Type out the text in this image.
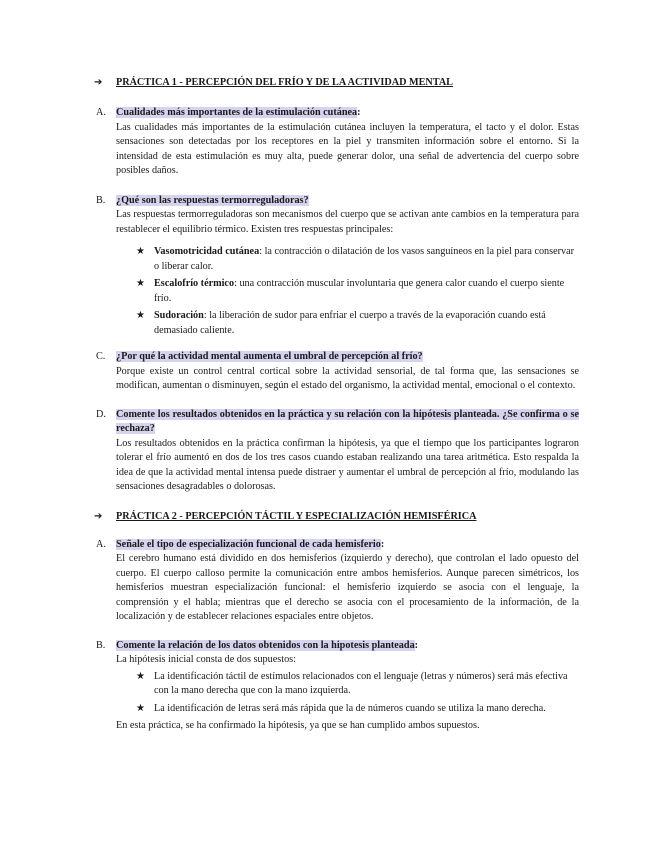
➔ PRÁCTICA 1 - PERCEPCIÓN DEL FRÍO Y DE LA ACTIVIDAD MENTAL
A. Cualidades más importantes de la estimulación cutánea:

Las cualidades más importantes de la estimulación cutánea incluyen la temperatura, el tacto y el dolor. Estas sensaciones son detectadas por los receptores en la piel y transmiten información sobre el entorno. Si la intensidad de esta estimulación es muy alta, puede generar dolor, una señal de advertencia del cuerpo sobre posibles daños.

B. ¿Qué son las respuestas termorreguladoras?

Las respuestas termorreguladoras son mecanismos del cuerpo que se activan ante cambios en la temperatura para restablecer el equilibrio térmico. Existen tres respuestas principales:

★ Vasomotricidad cutánea: la contracción o dilatación de los vasos sanguíneos en la piel para conservar o liberar calor.
★ Escalofrío térmico: una contracción muscular involuntaria que genera calor cuando el cuerpo siente frío.
★ Sudoración: la liberación de sudor para enfriar el cuerpo a través de la evaporación cuando está demasiado caliente.
C. ¿Por qué la actividad mental aumenta el umbral de percepción al frío?

Porque existe un control central cortical sobre la actividad sensorial, de tal forma que, las sensaciones se modifican, aumentan o disminuyen, según el estado del organismo, la actividad mental, emocional o el contexto.

D. Comente los resultados obtenidos en la práctica y su relación con la hipótesis planteada. ¿Se confirma o se rechaza?

Los resultados obtenidos en la práctica confirman la hipótesis, ya que el tiempo que los participantes lograron tolerar el frío aumentó en dos de los tres casos cuando estaban realizando una tarea aritmética. Esto respalda la idea de que la actividad mental intensa puede distraer y aumentar el umbral de percepción al frío, modulando las sensaciones desagradables o dolorosas.

➔ PRÁCTICA 2 - PERCEPCIÓN TÁCTIL Y ESPECIALIZACIÓN HEMISFÉRICA
A. Señale el tipo de especialización funcional de cada hemisferio:

El cerebro humano está dividido en dos hemisferios (izquierdo y derecho), que controlan el lado opuesto del cuerpo. El cuerpo calloso permite la comunicación entre ambos hemisferios. Aunque parecen simétricos, los hemisferios muestran especialización funcional: el hemisferio izquierdo se asocia con el lenguaje, la comprensión y el habla; mientras que el derecho se asocia con el procesamiento de la información, de la localización y de establecer relaciones espaciales entre objetos.

B. Comente la relación de los datos obtenidos con la hipotesis planteada:

La hipótesis inicial consta de dos supuestos:

★ La identificación táctil de estímulos relacionados con el lenguaje (letras y números) será más efectiva con la mano derecha que con la mano izquierda.
★ La identificación de letras será más rápida que la de números cuando se utiliza la mano derecha.

En esta práctica, se ha confirmado la hipótesis, ya que se han cumplido ambos supuestos.
